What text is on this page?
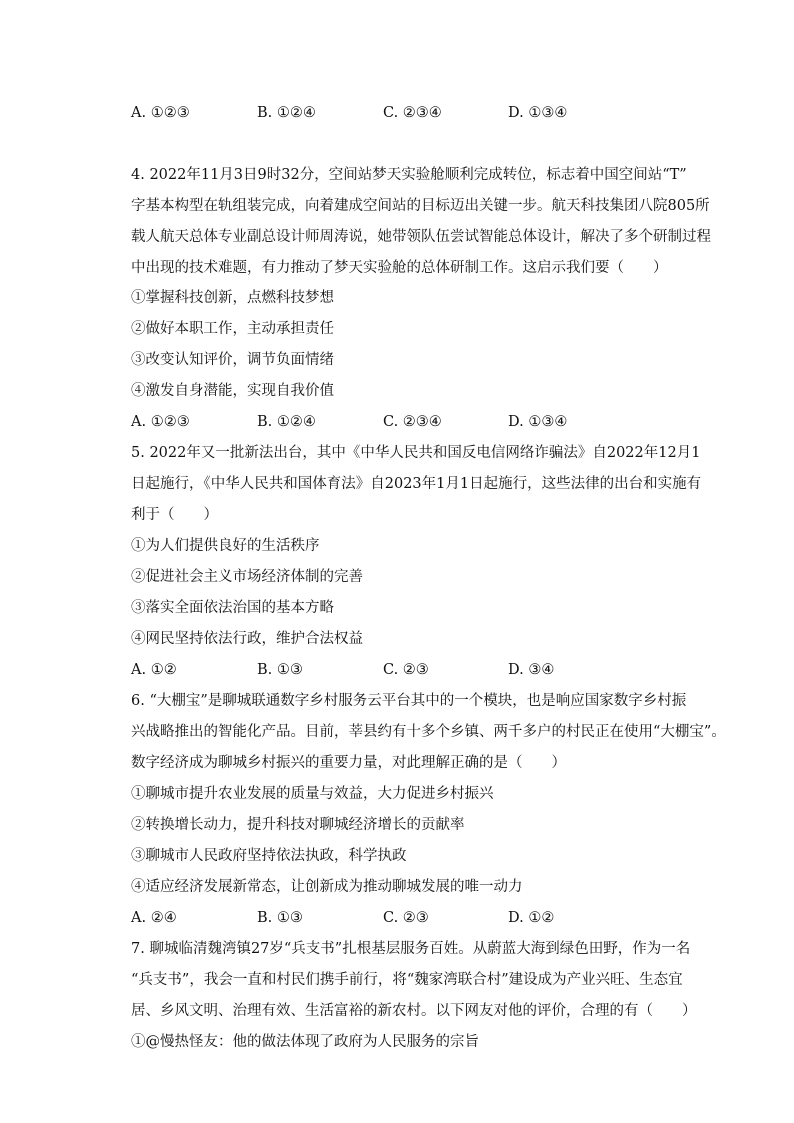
A. ①②③	B. ①②④	C. ②③④	D. ①③④
4. 2022年11月3日9时32分，空间站梦天实验舱顺利完成转位，标志着中国空间站“T”
字基本构型在轨组装完成，向着建成空间站的目标迈出关键一步。航天科技集团八院805所
载人航天总体专业副总设计师周涛说，她带领队伍尝试智能总体设计，解决了多个研制过程
中出现的技术难题，有力推动了梦天实验舱的总体研制工作。这启示我们要（　　）
①掌握科技创新，点燃科技梦想
②做好本职工作，主动承担责任
③改变认知评价，调节负面情绪
④激发自身潜能，实现自我价值
A. ①②③	B. ①②④	C. ②③④	D. ①③④
5. 2022年又一批新法出台，其中《中华人民共和国反电信网络诈骗法》自2022年12月1
日起施行，《中华人民共和国体育法》自2023年1月1日起施行，这些法律的出台和实施有
利于（　　）
①为人们提供良好的生活秩序
②促进社会主义市场经济体制的完善
③落实全面依法治国的基本方略
④网民坚持依法行政，维护合法权益
A. ①②	B. ①③	C. ②③	D. ③④
6. “大棚宝”是聊城联通数字乡村服务云平台其中的一个模块，也是响应国家数字乡村振
兴战略推出的智能化产品。目前，莘县约有十多个乡镇、两千多户的村民正在使用“大棚宝”。
数字经济成为聊城乡村振兴的重要力量，对此理解正确的是（　　）
①聊城市提升农业发展的质量与效益，大力促进乡村振兴
②转换增长动力，提升科技对聊城经济增长的贡献率
③聊城市人民政府坚持依法执政，科学执政
④适应经济发展新常态，让创新成为推动聊城发展的唯一动力
A. ②④	B. ①③	C. ②③	D. ①②
7. 聊城临清魏湾镇27岁“兵支书”扎根基层服务百姓。从蔚蓝大海到绿色田野，作为一名
“兵支书”，我会一直和村民们携手前行，将“魏家湾联合村”建设成为产业兴旺、生态宜
居、乡风文明、治理有效、生活富裕的新农村。以下网友对他的评价，合理的有（　　）
①@慢热怪友：他的做法体现了政府为人民服务的宗旨
